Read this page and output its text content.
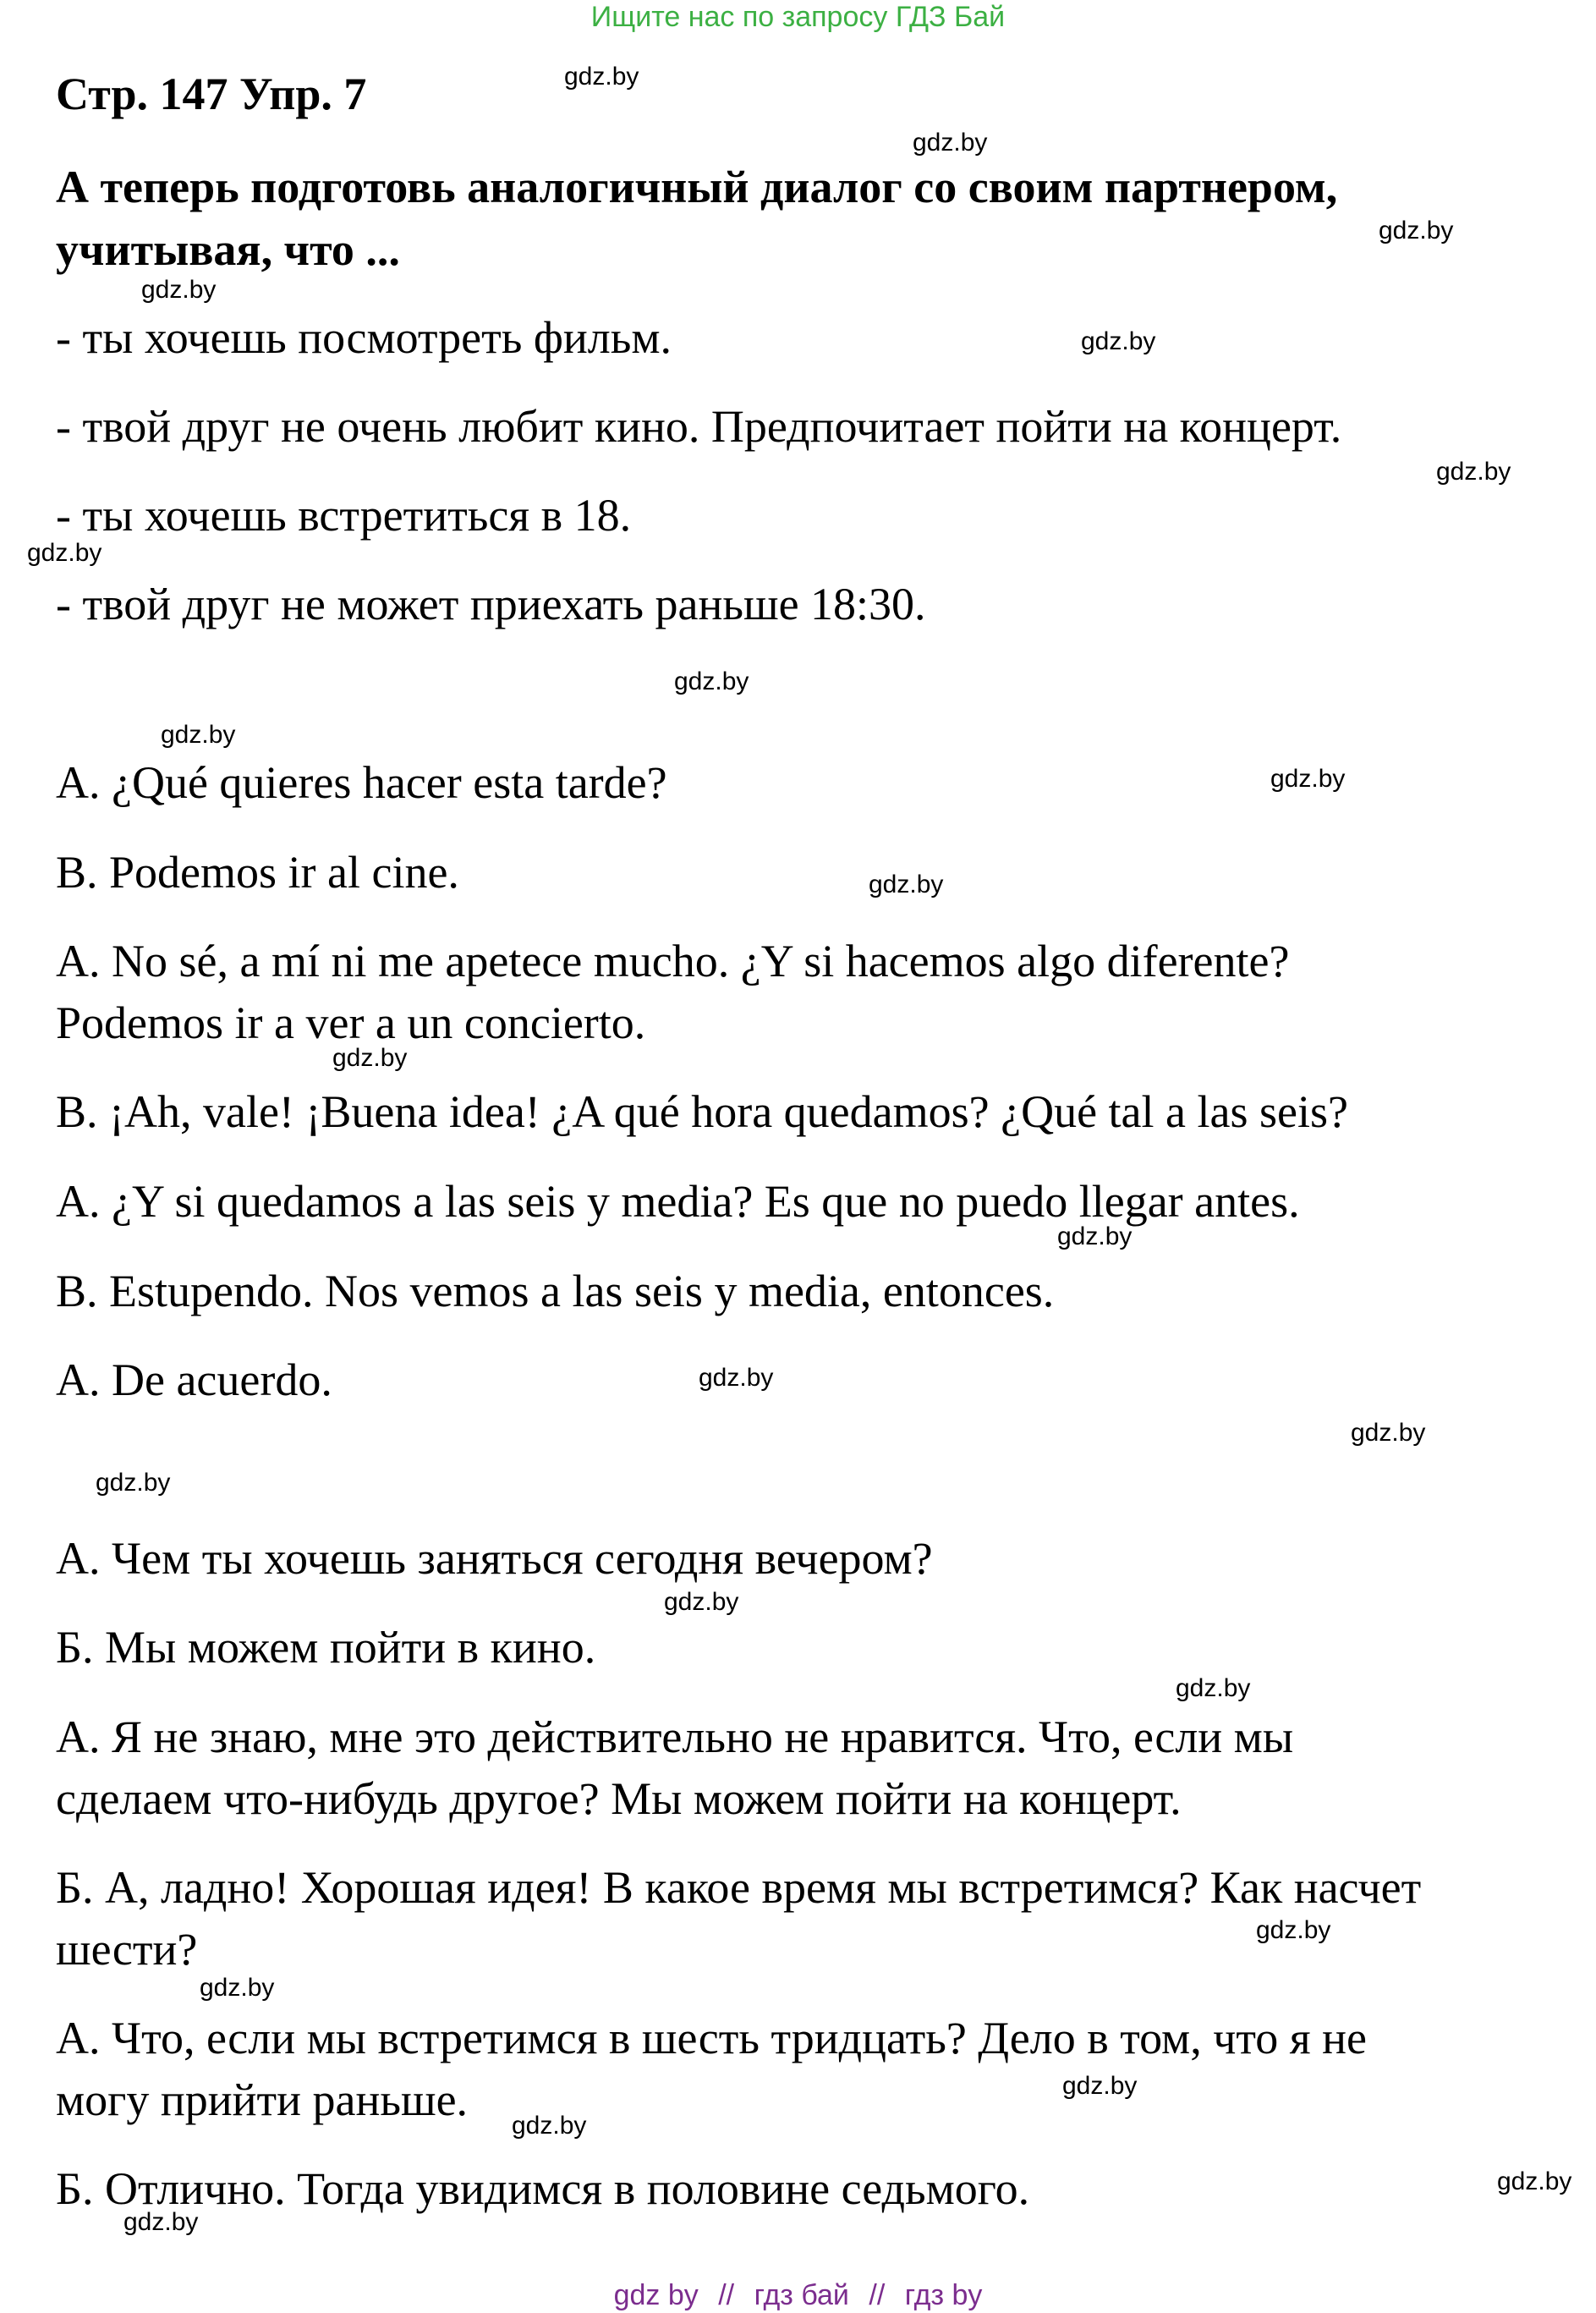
Ищите нас по запросу ГДЗ Бай
Стр. 147 Упр. 7
А теперь подготовь аналогичный диалог со своим партнером,
учитывая, что ...
- ты хочешь посмотреть фильм.
- твой друг не очень любит кино. Предпочитает пойти на концерт.
- ты хочешь встретиться в 18.
- твой друг не может приехать раньше 18:30.
A. ¿Qué quieres hacer esta tarde?
B. Podemos ir al cine.
A. No sé, a mí ni me apetece mucho. ¿Y si hacemos algo diferente?
Podemos ir a ver a un concierto.
B. ¡Ah, vale! ¡Buena idea! ¿A qué hora quedamos? ¿Qué tal a las seis?
A. ¿Y si quedamos a las seis y media? Es que no puedo llegar antes.
B. Estupendo. Nos vemos a las seis y media, entonces.
A. De acuerdo.
А. Чем ты хочешь заняться сегодня вечером?
Б. Мы можем пойти в кино.
А. Я не знаю, мне это действительно не нравится. Что, если мы
сделаем что-нибудь другое? Мы можем пойти на концерт.
Б. А, ладно! Хорошая идея! В какое время мы встретимся? Как насчет
шести?
А. Что, если мы встретимся в шесть тридцать? Дело в том, что я не
могу прийти раньше.
Б. Отлично. Тогда увидимся в половине седьмого.
gdz.by
gdz.by
gdz.by
gdz.by
gdz.by
gdz.by
gdz.by
gdz.by
gdz.by
gdz.by
gdz.by
gdz.by
gdz.by
gdz.by
gdz.by
gdz.by
gdz.by
gdz.by
gdz.by
gdz.by
gdz.by
gdz.by
gdz.by
gdz.by
gdz by // гдз бай // гдз by
